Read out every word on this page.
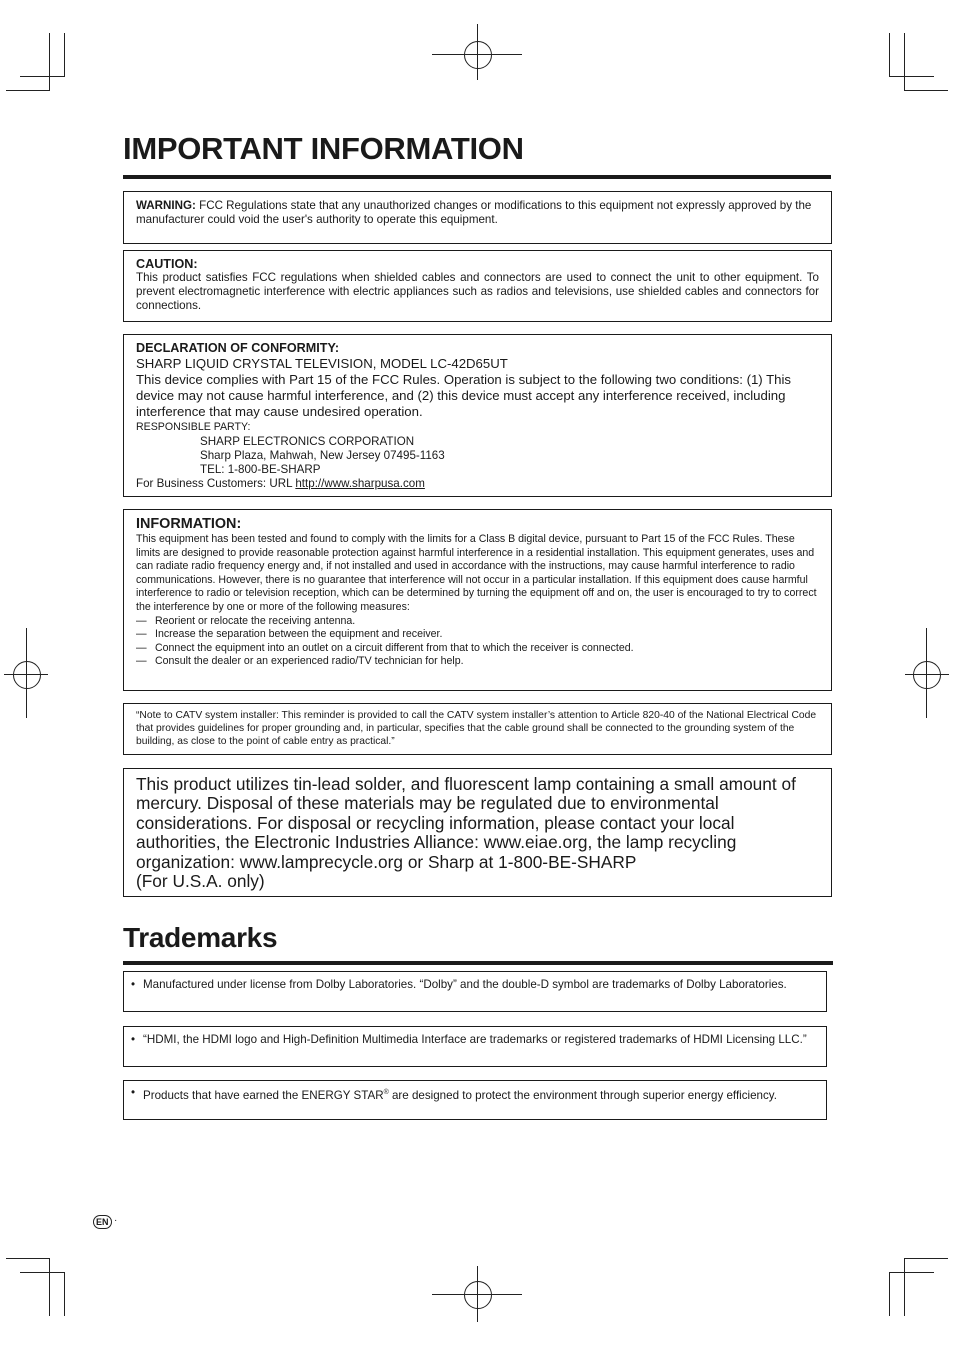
IMPORTANT INFORMATION
WARNING: FCC Regulations state that any unauthorized changes or modifications to this equipment not expressly approved by the manufacturer could void the user's authority to operate this equipment.
CAUTION:
This product satisfies FCC regulations when shielded cables and connectors are used to connect the unit to other equipment. To prevent electromagnetic interference with electric appliances such as radios and televisions, use shielded cables and connectors for connections.
DECLARATION OF CONFORMITY:
SHARP LIQUID CRYSTAL TELEVISION, MODEL LC-42D65UT
This device complies with Part 15 of the FCC Rules. Operation is subject to the following two conditions: (1) This device may not cause harmful interference, and (2) this device must accept any interference received, including interference that may cause undesired operation.
RESPONSIBLE PARTY:
SHARP ELECTRONICS CORPORATION
Sharp Plaza, Mahwah, New Jersey 07495-1163
TEL: 1-800-BE-SHARP
For Business Customers: URL http://www.sharpusa.com
INFORMATION:
This equipment has been tested and found to comply with the limits for a Class B digital device, pursuant to Part 15 of the FCC Rules. These limits are designed to provide reasonable protection against harmful interference in a residential installation. This equipment generates, uses and can radiate radio frequency energy and, if not installed and used in accordance with the instructions, may cause harmful interference to radio communications. However, there is no guarantee that interference will not occur in a particular installation. If this equipment does cause harmful interference to radio or television reception, which can be determined by turning the equipment off and on, the user is encouraged to try to correct the interference by one or more of the following measures:
— Reorient or relocate the receiving antenna.
— Increase the separation between the equipment and receiver.
— Connect the equipment into an outlet on a circuit different from that to which the receiver is connected.
— Consult the dealer or an experienced radio/TV technician for help.
“Note to CATV system installer: This reminder is provided to call the CATV system installer’s attention to Article 820-40 of the National Electrical Code that provides guidelines for proper grounding and, in particular, specifies that the cable ground shall be connected to the grounding system of the building, as close to the point of cable entry as practical.”
This product utilizes tin-lead solder, and fluorescent lamp containing a small amount of mercury. Disposal of these materials may be regulated due to environmental considerations. For disposal or recycling information, please contact your local authorities, the Electronic Industries Alliance: www.eiae.org, the lamp recycling organization: www.lamprecycle.org or Sharp at 1-800-BE-SHARP
(For U.S.A. only)
Trademarks
• Manufactured under license from Dolby Laboratories. “Dolby” and the double-D symbol are trademarks of Dolby Laboratories.
• “HDMI, the HDMI logo and High-Definition Multimedia Interface are trademarks or registered trademarks of HDMI Licensing LLC.”
• Products that have earned the ENERGY STAR® are designed to protect the environment through superior energy efficiency.
EN ·
